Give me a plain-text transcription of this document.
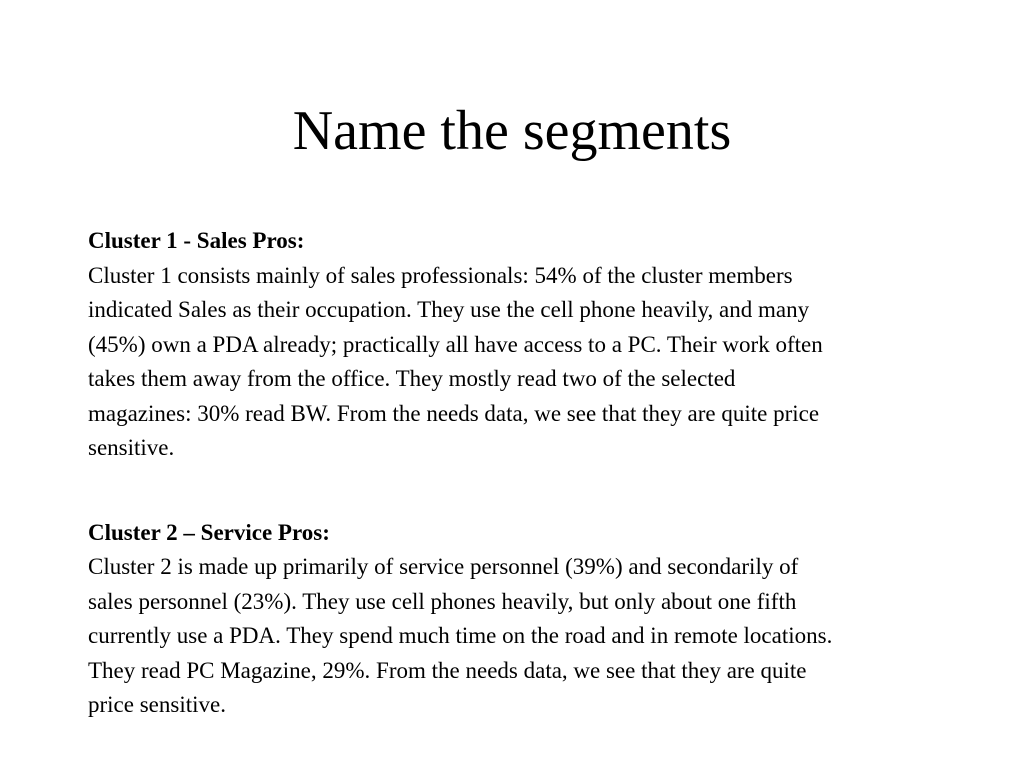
Name the segments
Cluster 1 - Sales Pros:
Cluster 1 consists mainly of sales professionals: 54% of the cluster members
indicated Sales as their occupation. They use the cell phone heavily, and many
(45%) own a PDA already; practically all have access to a PC. Their work often
takes them away from the office. They mostly read two of the selected
magazines: 30% read BW. From the needs data, we see that they are quite price
sensitive.
Cluster 2 – Service Pros:
Cluster 2 is made up primarily of service personnel (39%) and secondarily of
sales personnel (23%). They use cell phones heavily, but only about one fifth
currently use a PDA. They spend much time on the road and in remote locations.
They read PC Magazine, 29%. From the needs data, we see that they are quite
price sensitive.
